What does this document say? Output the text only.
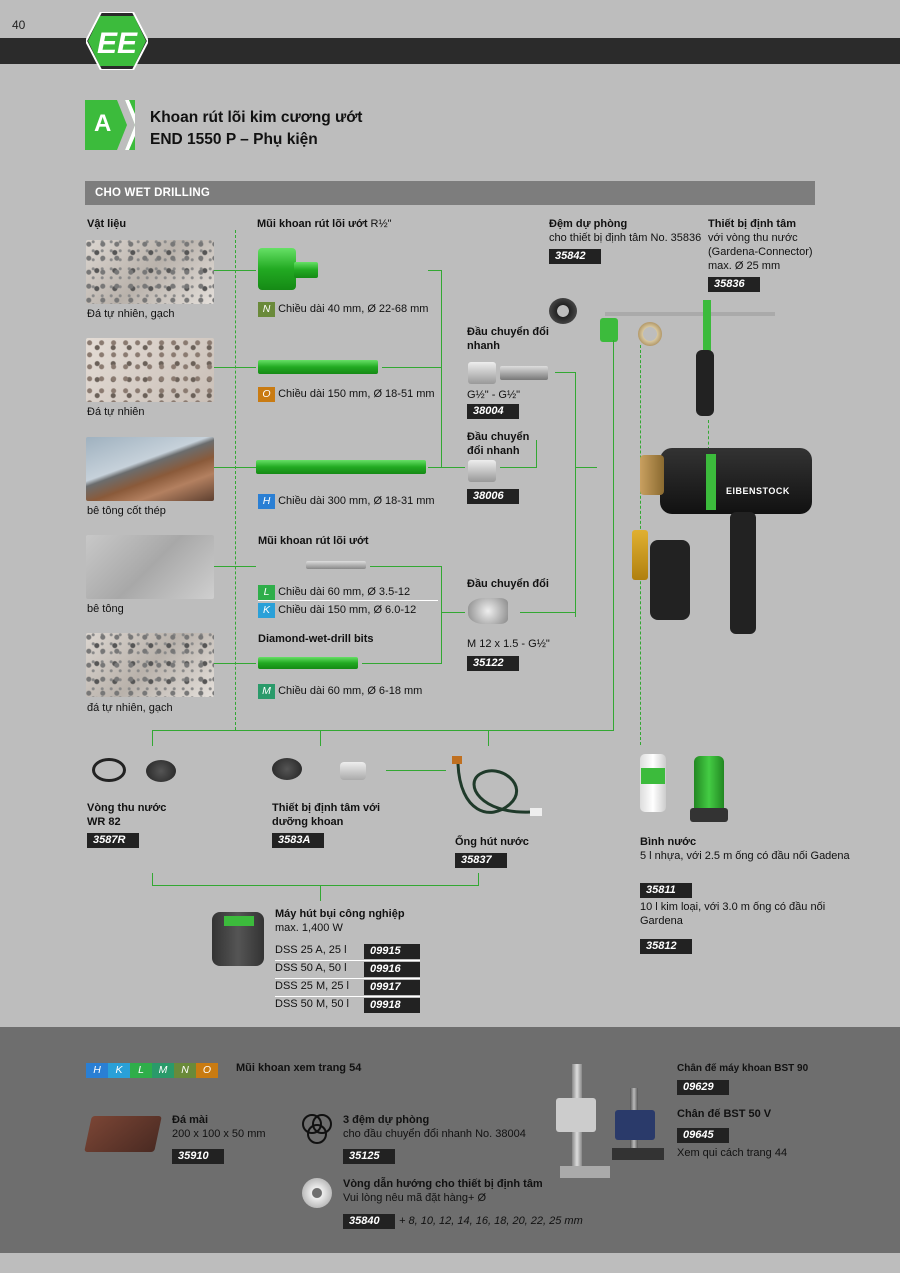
40
EE
A Khoan rút lõi kim cương ướt
END 1550 P – Phụ kiện
CHO WET DRILLING
Vật liệu	Mũi khoan rút lõi ướt R½"
Đá tự nhiên, gạch
Đá tự nhiên
bê tông cốt thép
bê tông
đá tự nhiên, gạch
N Chiều dài 40 mm, Ø 22-68 mm
O Chiều dài 150 mm, Ø 18-51 mm
H Chiều dài 300 mm, Ø 18-31 mm
Mũi khoan rút lõi ướt
L Chiều dài 60 mm, Ø 3.5-12
K Chiều dài 150 mm, Ø 6.0-12
Diamond-wet-drill bits
M Chiều dài 60 mm, Ø 6-18 mm
Đầu chuyển đổi nhanh
G½" - G½"
38004
Đầu chuyển đổi nhanh
38006
Đầu chuyển đổi
M 12 x 1.5 - G½"
35122
Đệm dự phòng
cho thiết bị định tâm No. 35836
35842
Thiết bị định tâm
với vòng thu nước
(Gardena-Connector)
max. Ø 25 mm
35836
EIBENSTOCK
Vòng thu nước
WR 82
3587R
Thiết bị định tâm với
dưỡng khoan
3583A	Ống hút nước
35837
Bình nước
5 l nhựa, với 2.5 m ống có đầu nối Gadena
35811
10 l kim loại, với 3.0 m ống có đầu nối
Gardena
35812
Máy hút bụi công nghiệp
max. 1,400 W
DSS 25 A, 25 l	09915
DSS 50 A, 50 l	09916
DSS 25 M, 25 l	09917
DSS 50 M, 50 l	09918
H K L M N O	Mũi khoan xem trang 54
Đá mài
200 x 100 x 50 mm
35910
3 đệm dự phòng
cho đầu chuyển đổi nhanh No. 38004
35125
Vòng dẫn hướng cho thiết bị định tâm
Vui lòng nêu mã đặt hàng+ Ø
35840	+ 8, 10, 12, 14, 16, 18, 20, 22, 25 mm
Chân đế máy khoan BST 90
09629
Chân đế BST 50 V
09645
Xem qui cách trang 44
